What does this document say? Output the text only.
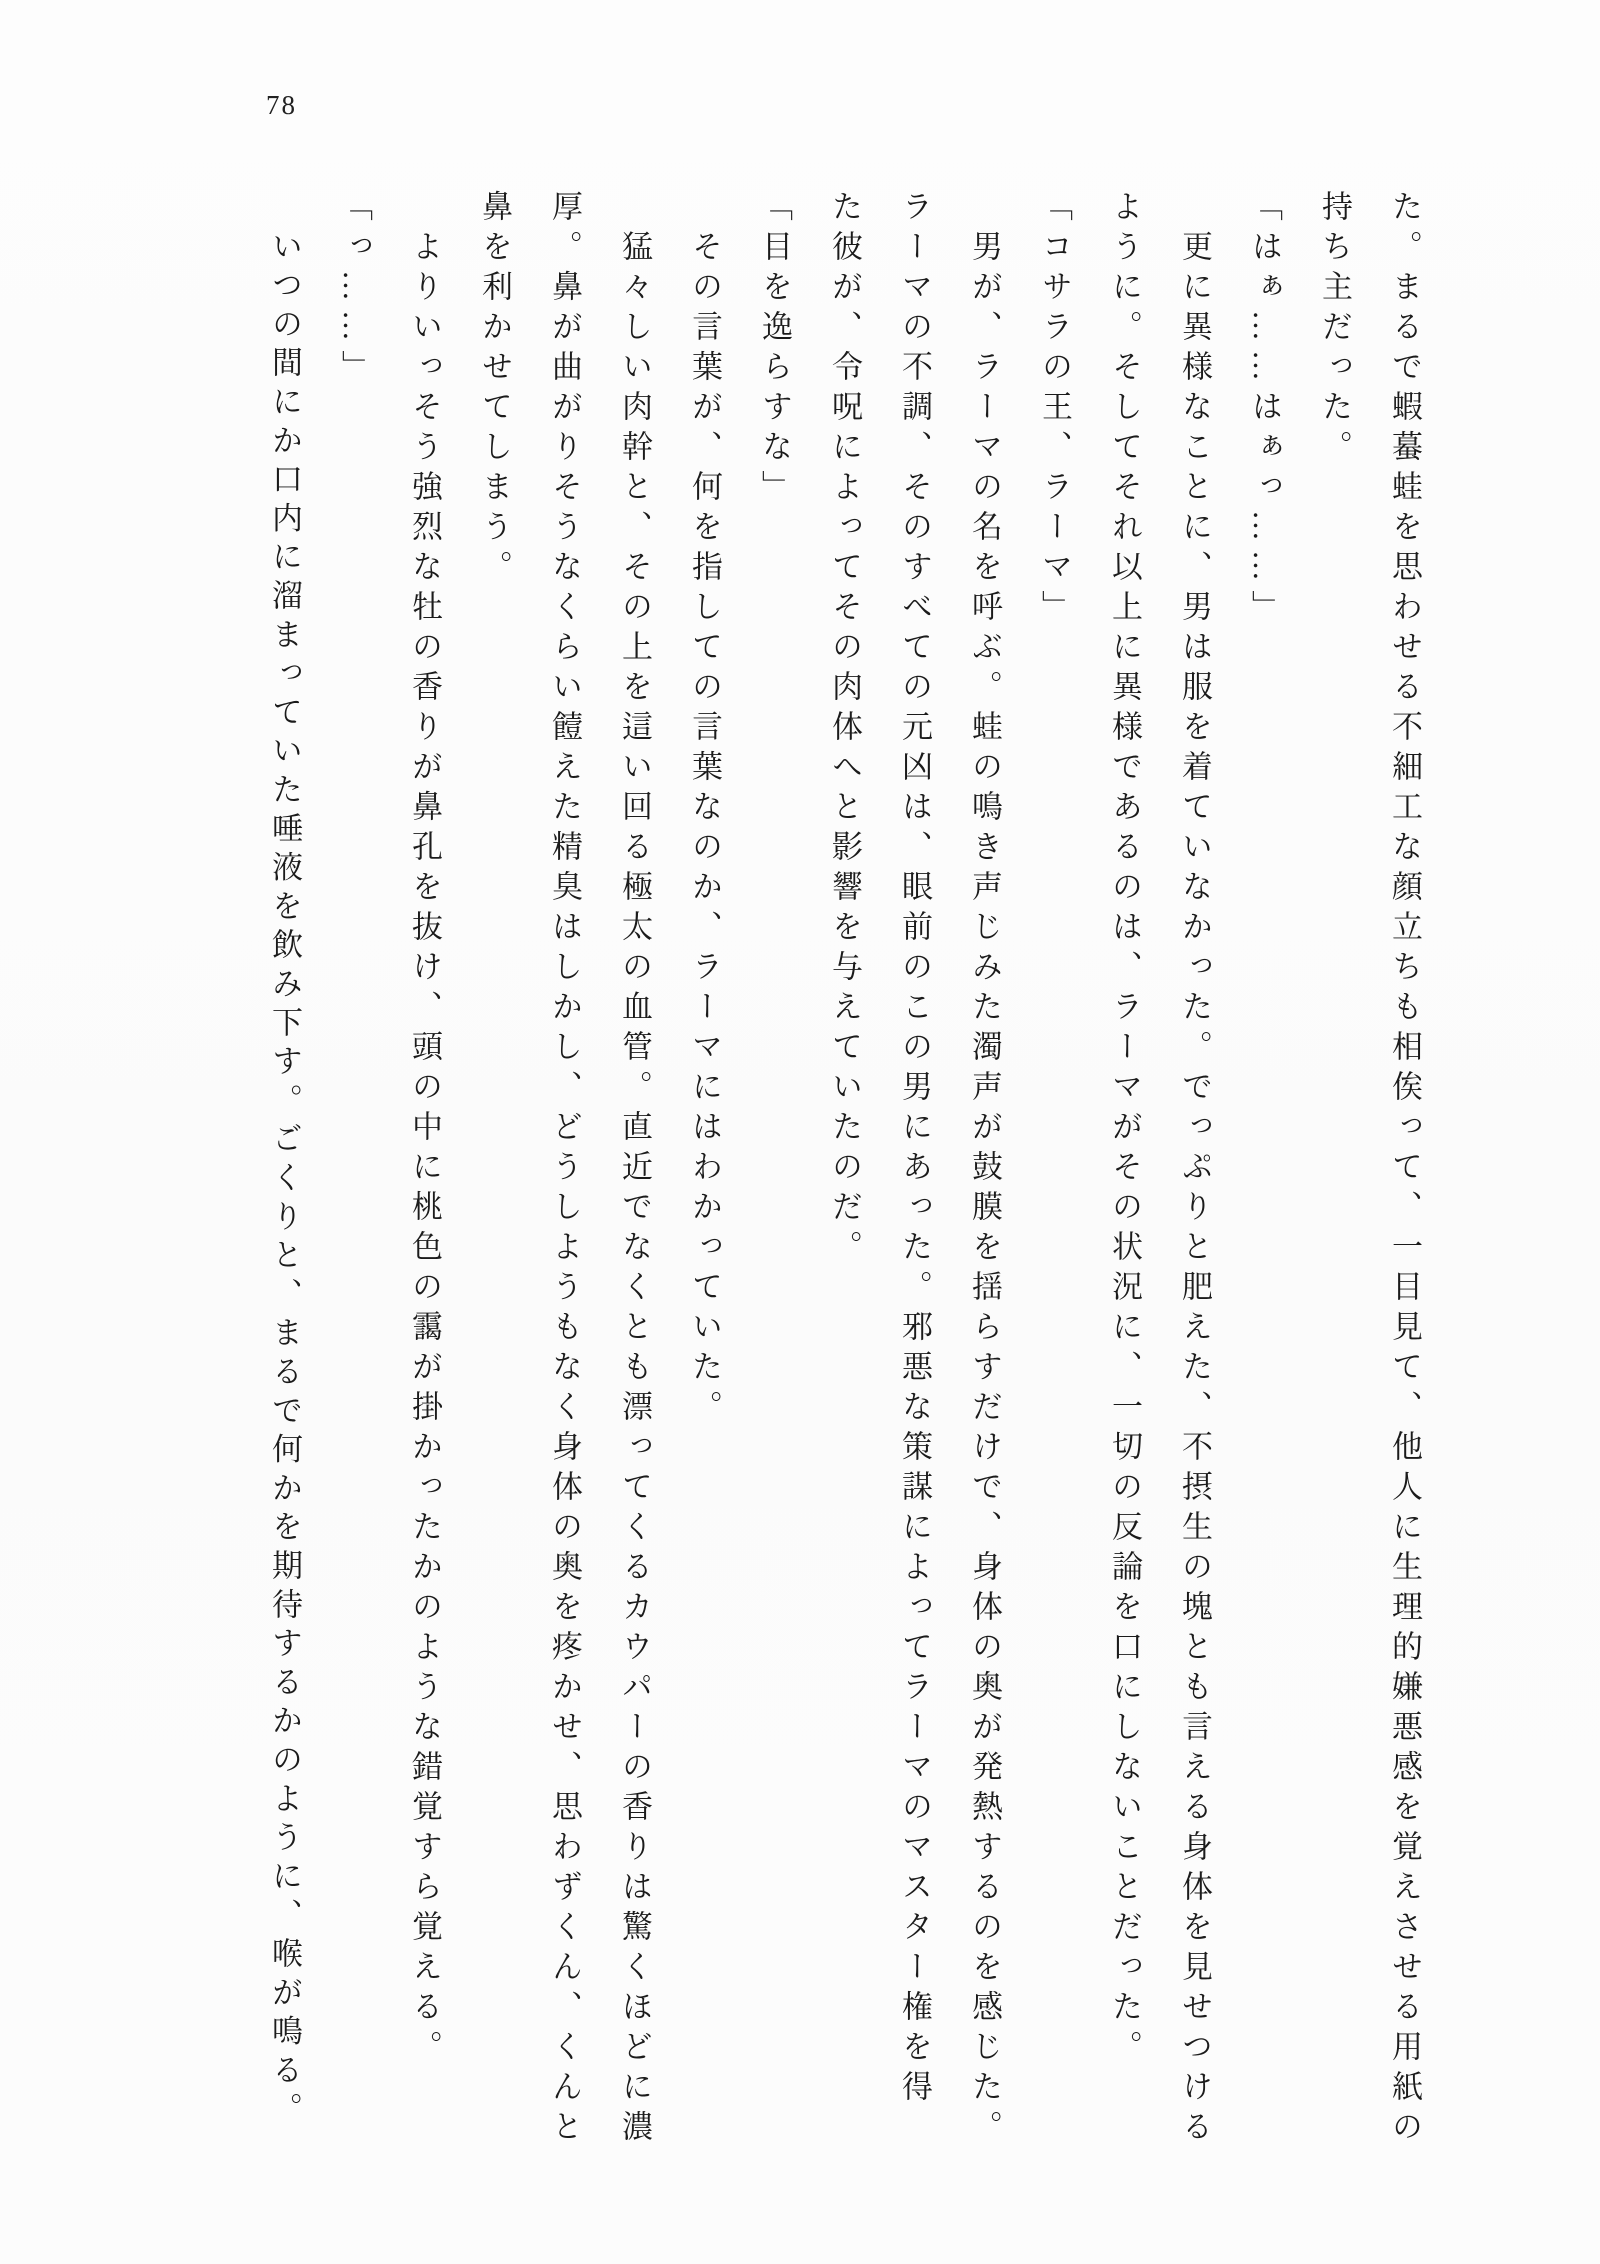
78
た。まるで蝦蟇蛙を思わせる不細工な顔立ちも相俟って、一目見て、他人に生理的嫌悪感を覚えさせる用紙の
持ち主だった。
「はぁ……はぁっ……」
更に異様なことに、男は服を着ていなかった。でっぷりと肥えた、不摂生の塊とも言える身体を見せつける
ように。そしてそれ以上に異様であるのは、ラーマがその状況に、一切の反論を口にしないことだった。
「コサラの王、ラーマ」
男が、ラーマの名を呼ぶ。蛙の鳴き声じみた濁声が鼓膜を揺らすだけで、身体の奥が発熱するのを感じた。
ラーマの不調、そのすべての元凶は、眼前のこの男にあった。邪悪な策謀によってラーマのマスター権を得
た彼が、令呪によってその肉体へと影響を与えていたのだ。
「目を逸らすな」
その言葉が、何を指しての言葉なのか、ラーマにはわかっていた。
猛々しい肉幹と、その上を這い回る極太の血管。直近でなくとも漂ってくるカウパーの香りは驚くほどに濃
厚。鼻が曲がりそうなくらい饐えた精臭はしかし、どうしようもなく身体の奥を疼かせ、思わずくん、くんと
鼻を利かせてしまう。
よりいっそう強烈な牡の香りが鼻孔を抜け、頭の中に桃色の靄が掛かったかのような錯覚すら覚える。
「っ……」
いつの間にか口内に溜まっていた唾液を飲み下す。ごくりと、まるで何かを期待するかのように、喉が鳴る。
